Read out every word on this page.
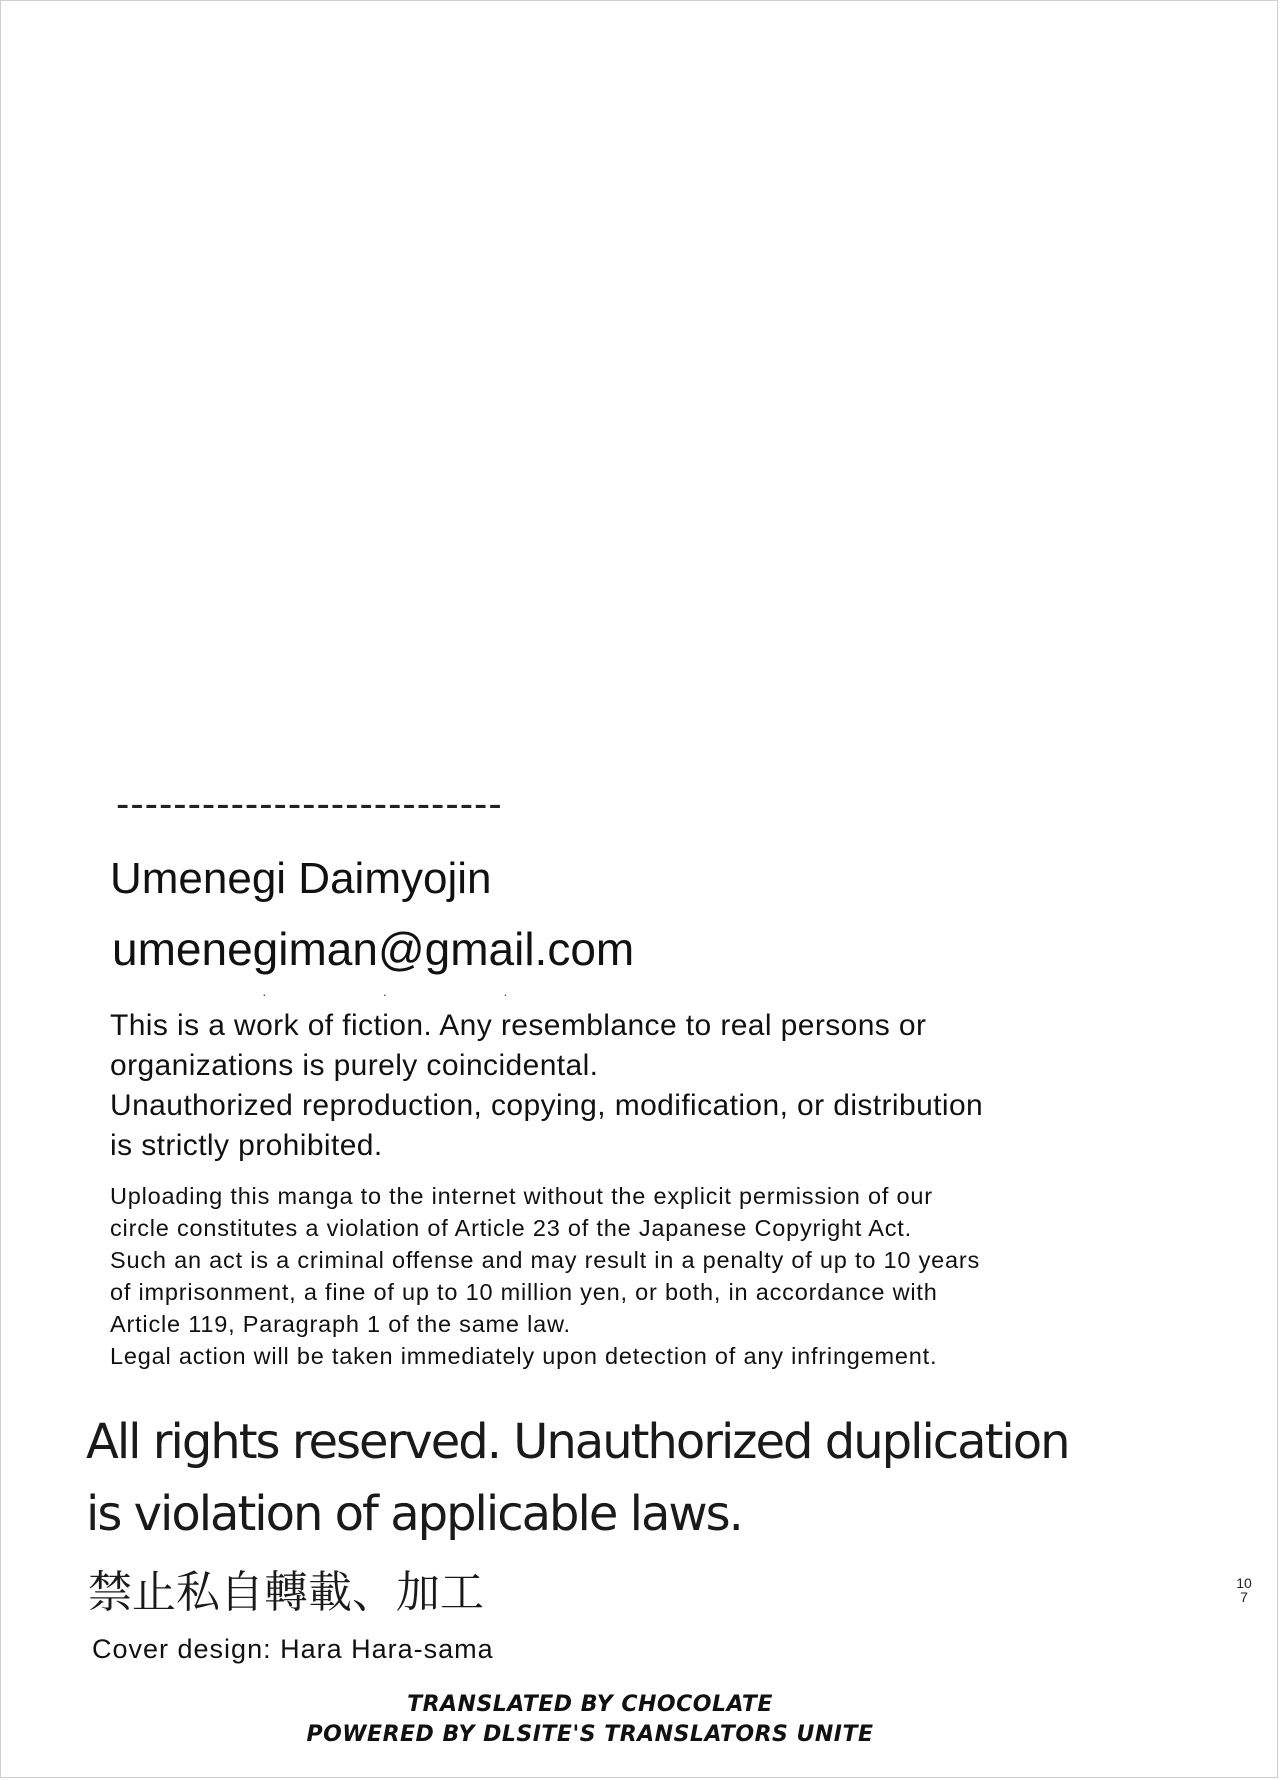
---------------------------
Umenegi Daimyojin
umenegiman@gmail.com
· · ·
This is a work of fiction. Any resemblance to real persons or
organizations is purely coincidental.
Unauthorized reproduction, copying, modification, or distribution
is strictly prohibited.
Uploading this manga to the internet without the explicit permission of our
circle constitutes a violation of Article 23 of the Japanese Copyright Act.
Such an act is a criminal offense and may result in a penalty of up to 10 years
of imprisonment, a fine of up to 10 million yen, or both, in accordance with
Article 119, Paragraph 1 of the same law.
Legal action will be taken immediately upon detection of any infringement.
All rights reserved. Unauthorized duplication
is violation of applicable laws.
禁止私自轉載、加工
Cover design: Hara Hara-sama
TRANSLATED BY CHOCOLATE
POWERED BY DLSITE'S TRANSLATORS UNITE
107
